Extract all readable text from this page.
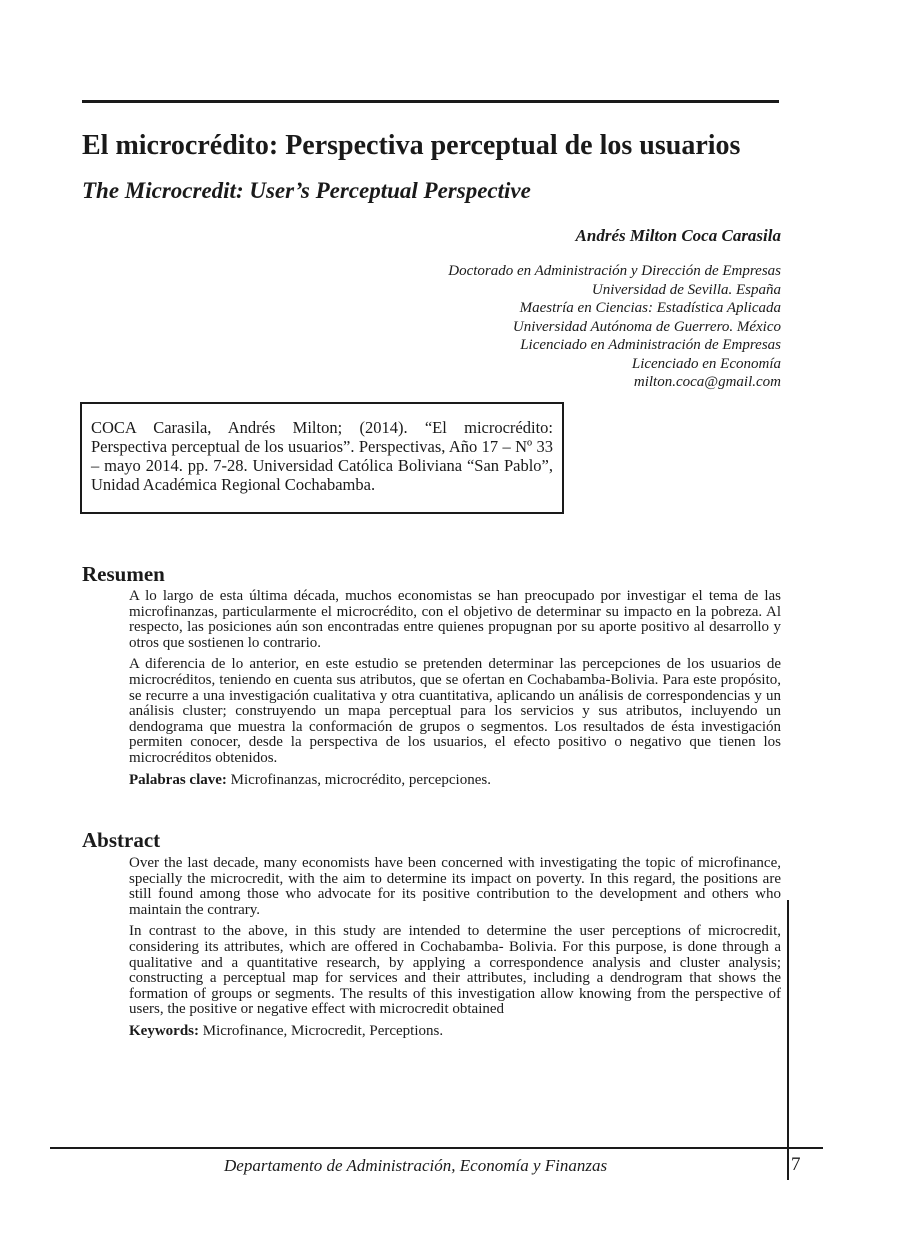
El microcrédito: Perspectiva perceptual de los usuarios
The Microcredit: User’s Perceptual Perspective

Andrés Milton Coca Carasila

Doctorado en Administración y Dirección de Empresas
Universidad de Sevilla. España
Maestría en Ciencias: Estadística Aplicada
Universidad Autónoma de Guerrero. México
Licenciado en Administración de Empresas
Licenciado en Economía
milton.coca@gmail.com

COCA Carasila, Andrés Milton; (2014). “El microcrédito: Perspectiva perceptual de los usuarios”. Perspectivas, Año 17 – Nº 33 – mayo 2014. pp. 7-28. Universidad Católica Boliviana “San Pablo”, Unidad Académica Regional Cochabamba.

Resumen

A lo largo de esta última década, muchos economistas se han preocupado por investigar el tema de las microfinanzas, particularmente el microcrédito, con el objetivo de determinar su impacto en la pobreza. Al respecto, las posiciones aún son encontradas entre quienes propugnan por su aporte positivo al desarrollo y otros que sostienen lo contrario.

A diferencia de lo anterior, en este estudio se pretenden determinar las percepciones de los usuarios de microcréditos, teniendo en cuenta sus atributos, que se ofertan en Cochabamba-Bolivia. Para este propósito, se recurre a una investigación cualitativa y otra cuantitativa, aplicando un análisis de correspondencias y un análisis cluster; construyendo un mapa perceptual para los servicios y sus atributos, incluyendo un dendograma que muestra la conformación de grupos o segmentos. Los resultados de ésta investigación permiten conocer, desde la perspectiva de los usuarios, el efecto positivo o negativo que tienen los microcréditos obtenidos.

Palabras clave: Microfinanzas, microcrédito, percepciones.

Abstract

Over the last decade, many economists have been concerned with investigating the topic of microfinance, specially the microcredit, with the aim to determine its impact on poverty. In this regard, the positions are still found among those who advocate for its positive contribution to the development and others who maintain the contrary.

In contrast to the above, in this study are intended to determine the user perceptions of microcredit, considering its attributes, which are offered in Cochabamba- Bolivia. For this purpose, is done through a qualitative and a quantitative research, by applying a correspondence analysis and cluster analysis; constructing a perceptual map for services and their attributes, including a dendrogram that shows the formation of groups or segments. The results of this investigation allow knowing from the perspective of users, the positive or negative effect with microcredit obtained

Keywords: Microfinance, Microcredit, Perceptions.

Departamento de Administración, Economía y Finanzas	7
